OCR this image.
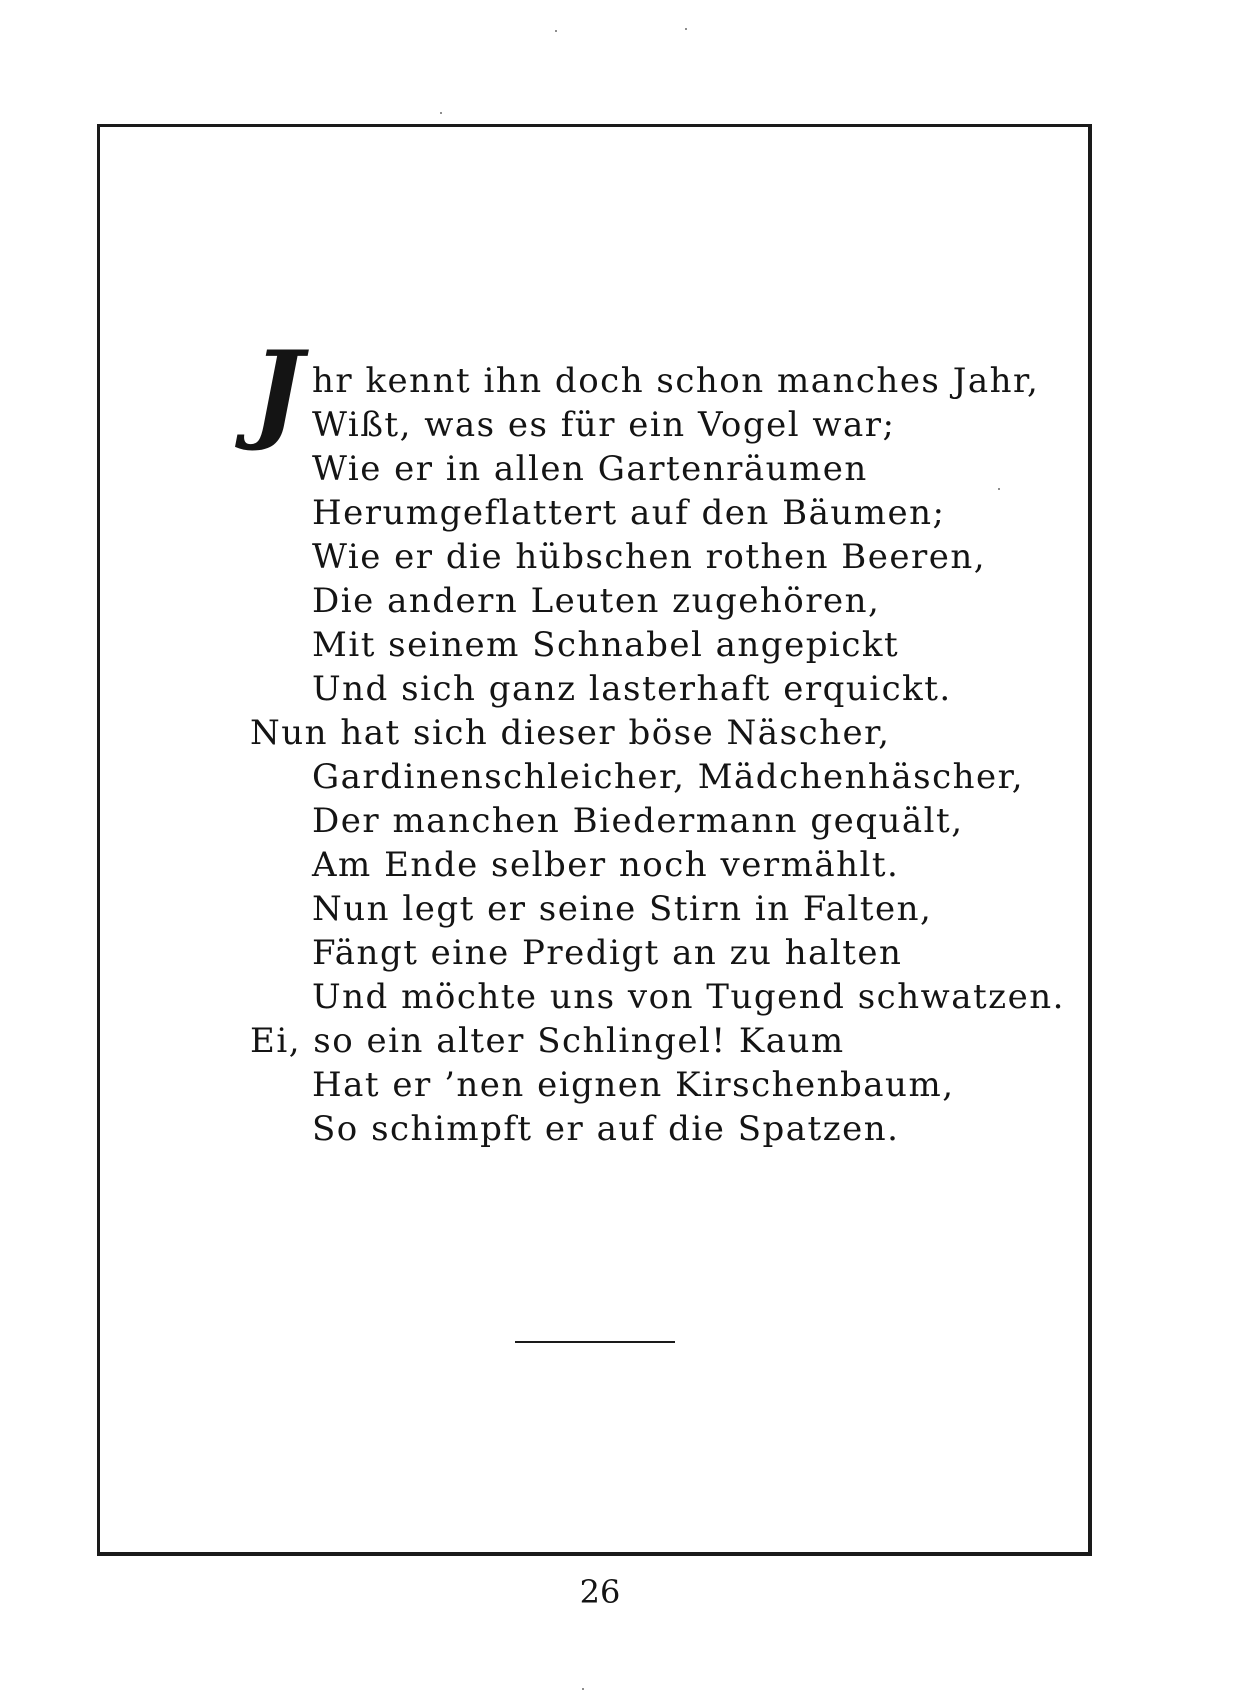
J hr kennt ihn doch schon manches Jahr,
Wißt, was es für ein Vogel war;
Wie er in allen Gartenräumen
Herumgeflattert auf den Bäumen;
Wie er die hübschen rothen Beeren,
Die andern Leuten zugehören,
Mit seinem Schnabel angepickt
Und sich ganz lasterhaft erquickt.
Nun hat sich dieser böse Näscher,
Gardinenschleicher, Mädchenhäscher,
Der manchen Biedermann gequält,
Am Ende selber noch vermählt.
Nun legt er seine Stirn in Falten,
Fängt eine Predigt an zu halten
Und möchte uns von Tugend schwatzen.
Ei, so ein alter Schlingel! Kaum
Hat er ’nen eignen Kirschenbaum,
So schimpft er auf die Spatzen.
26
